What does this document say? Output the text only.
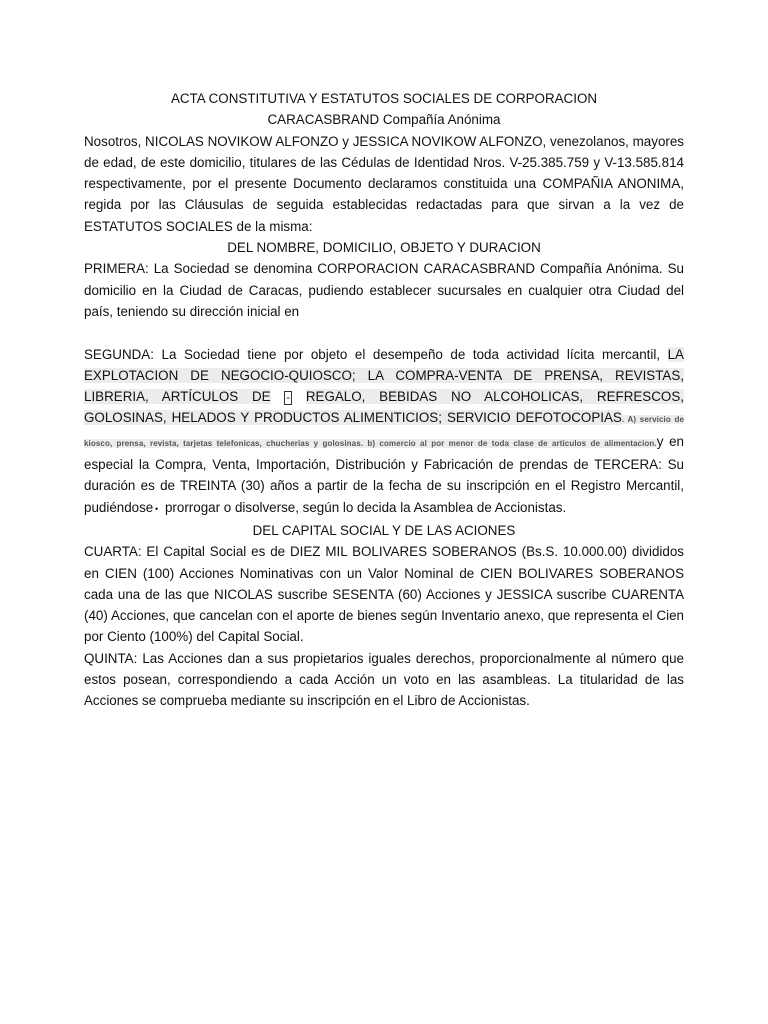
ACTA CONSTITUTIVA Y ESTATUTOS SOCIALES DE CORPORACION

CARACASBRAND Compañía Anónima

Nosotros, NICOLAS NOVIKOW ALFONZO y JESSICA NOVIKOW ALFONZO, venezolanos, mayores de edad, de este domicilio, titulares de las Cédulas de Identidad Nros. V-25.385.759 y V-13.585.814 respectivamente, por el presente Documento declaramos constituida una COMPAÑIA ANONIMA, regida por las Cláusulas de seguida establecidas redactadas para que sirvan a la vez de ESTATUTOS SOCIALES de la misma:

DEL NOMBRE, DOMICILIO, OBJETO Y DURACION

PRIMERA: La Sociedad se denomina CORPORACION CARACASBRAND Compañía Anónima. Su domicilio en la Ciudad de Caracas, pudiendo establecer sucursales en cualquier otra Ciudad del país, teniendo su dirección inicial en

SEGUNDA: La Sociedad tiene por objeto el desempeño de toda actividad lícita mercantil, LA EXPLOTACION DE NEGOCIO-QUIOSCO; LA COMPRA-VENTA DE PRENSA, REVISTAS, LIBRERIA, ARTÍCULOS DE - REGALO, BEBIDAS NO ALCOHOLICAS, REFRESCOS, GOLOSINAS, HELADOS Y PRODUCTOS ALIMENTICIOS; SERVICIO DEFOTOCOPIAS. A) servicio de kiosco, prensa, revista, tarjetas telefonicas, chucherias y golosinas. b) comercio al por menor de toda clase de articulos de alimentacion.y en especial la Compra, Venta, Importación, Distribución y Fabricación de prendas de TERCERA: Su duración es de TREINTA (30) años a partir de la fecha de su inscripción en el Registro Mercantil, pudiéndose • prorrogar o disolverse, según lo decida la Asamblea de Accionistas.

DEL CAPITAL SOCIAL Y DE LAS ACIONES

CUARTA: El Capital Social es de DIEZ MIL BOLIVARES SOBERANOS (Bs.S. 10.000.00) divididos en CIEN (100) Acciones Nominativas con un Valor Nominal de CIEN BOLIVARES SOBERANOS cada una de las que NICOLAS suscribe SESENTA (60) Acciones y JESSICA suscribe CUARENTA (40) Acciones, que cancelan con el aporte de bienes según Inventario anexo, que representa el Cien por Ciento (100%) del Capital Social.

QUINTA: Las Acciones dan a sus propietarios iguales derechos, proporcionalmente al número que estos posean, correspondiendo a cada Acción un voto en las asambleas. La titularidad de las Acciones se comprueba mediante su inscripción en el Libro de Accionistas.
